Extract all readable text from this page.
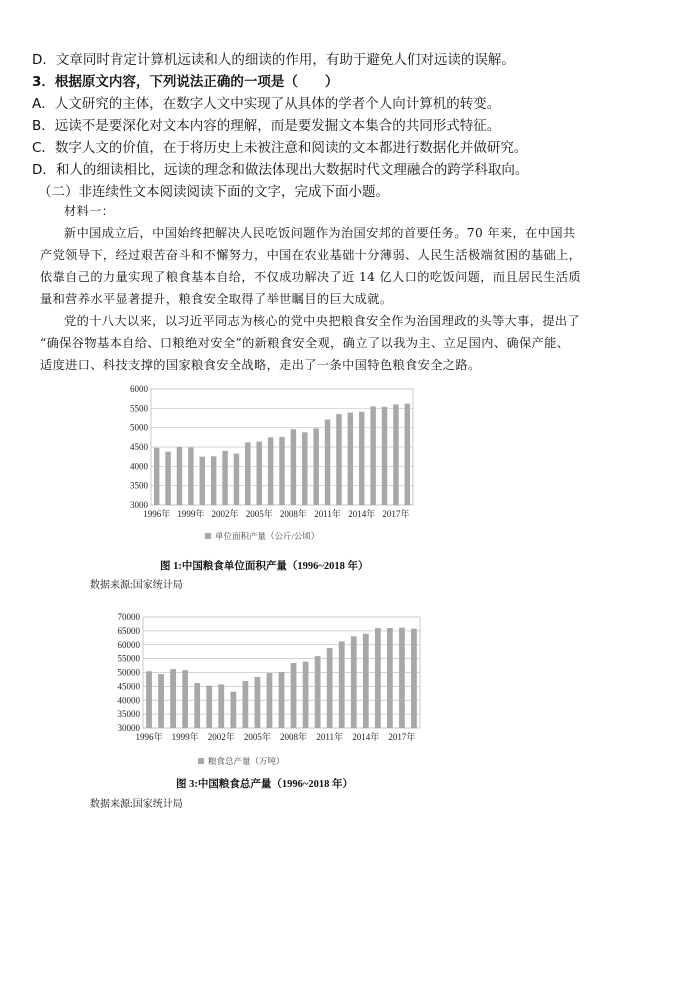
D．文章同时肯定计算机远读和人的细读的作用，有助于避免人们对远读的误解。
3．根据原文内容，下列说法正确的一项是（　　）
A．人文研究的主体，在数字人文中实现了从具体的学者个人向计算机的转变。
B．远读不是要深化对文本内容的理解，而是要发掘文本集合的共同形式特征。
C．数字人文的价值，在于将历史上未被注意和阅读的文本都进行数据化并做研究。
D．和人的细读相比，远读的理念和做法体现出大数据时代文理融合的跨学科取向。
（二）非连续性文本阅读阅读下面的文字，完成下面小题。
材料一：
新中国成立后，中国始终把解决人民吃饭问题作为治国安邦的首要任务。70 年来，在中国共
产党领导下，经过艰苦奋斗和不懈努力，中国在农业基础十分薄弱、人民生活极端贫困的基础上，
依靠自己的力量实现了粮食基本自给，不仅成功解决了近 14 亿人口的吃饭问题，而且居民生活质
量和营养水平显著提升，粮食安全取得了举世瞩目的巨大成就。
党的十八大以来，以习近平同志为核心的党中央把粮食安全作为治国理政的头等大事，提出了
“确保谷物基本自给、口粮绝对安全”的新粮食安全观，确立了以我为主、立足国内、确保产能、
适度进口、科技支撑的国家粮食安全战略，走出了一条中国特色粮食安全之路。
3000
3500
4000
4500
5000
5500
6000
1996年 1999年 2002年 2005年 2008年 2011年 2014年 2017年
单位面积产量（公斤/公顷）
图 1:中国粮食单位面积产量（1996~2018 年）
数据来源:国家统计局
30000
35000
40000
45000
50000
55000
60000
65000
70000
1996年 1999年 2002年 2005年 2008年 2011年 2014年 2017年
粮食总产量（万吨）
图 3:中国粮食总产量（1996~2018 年）
数据来源:国家统计局
